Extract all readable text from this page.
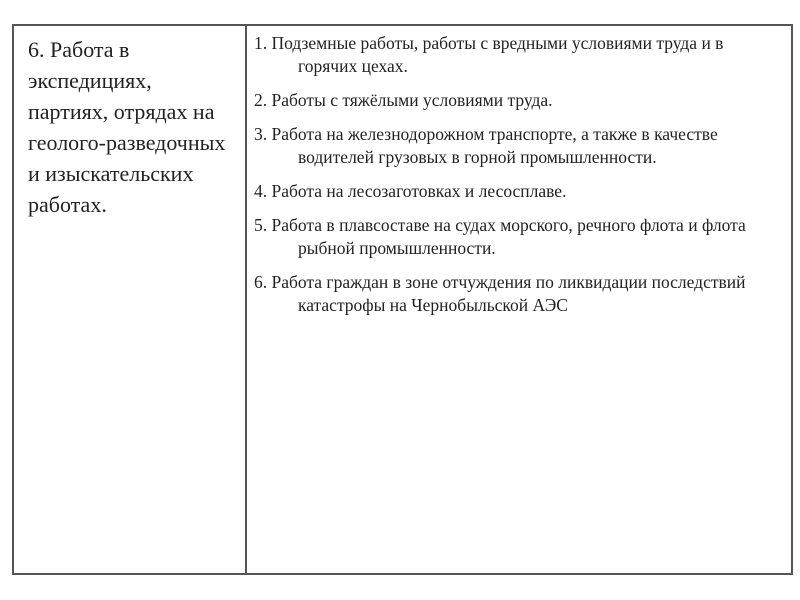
6. Работа в экспедициях, партиях, отрядах на геолого-разведочных и изыскательских работах.
1. Подземные работы, работы с вредными условиями труда и в горячих цехах.
2. Работы с тяжёлыми условиями труда.
3. Работа на железнодорожном транспорте, а также в качестве водителей грузовых в горной промышленности.
4. Работа на лесозаготовках и лесосплаве.
5. Работа в плавсоставе на судах морского, речного флота и флота рыбной промышленности.
6. Работа граждан в зоне отчуждения по ликвидации последствий катастрофы на Чернобыльской АЭС
